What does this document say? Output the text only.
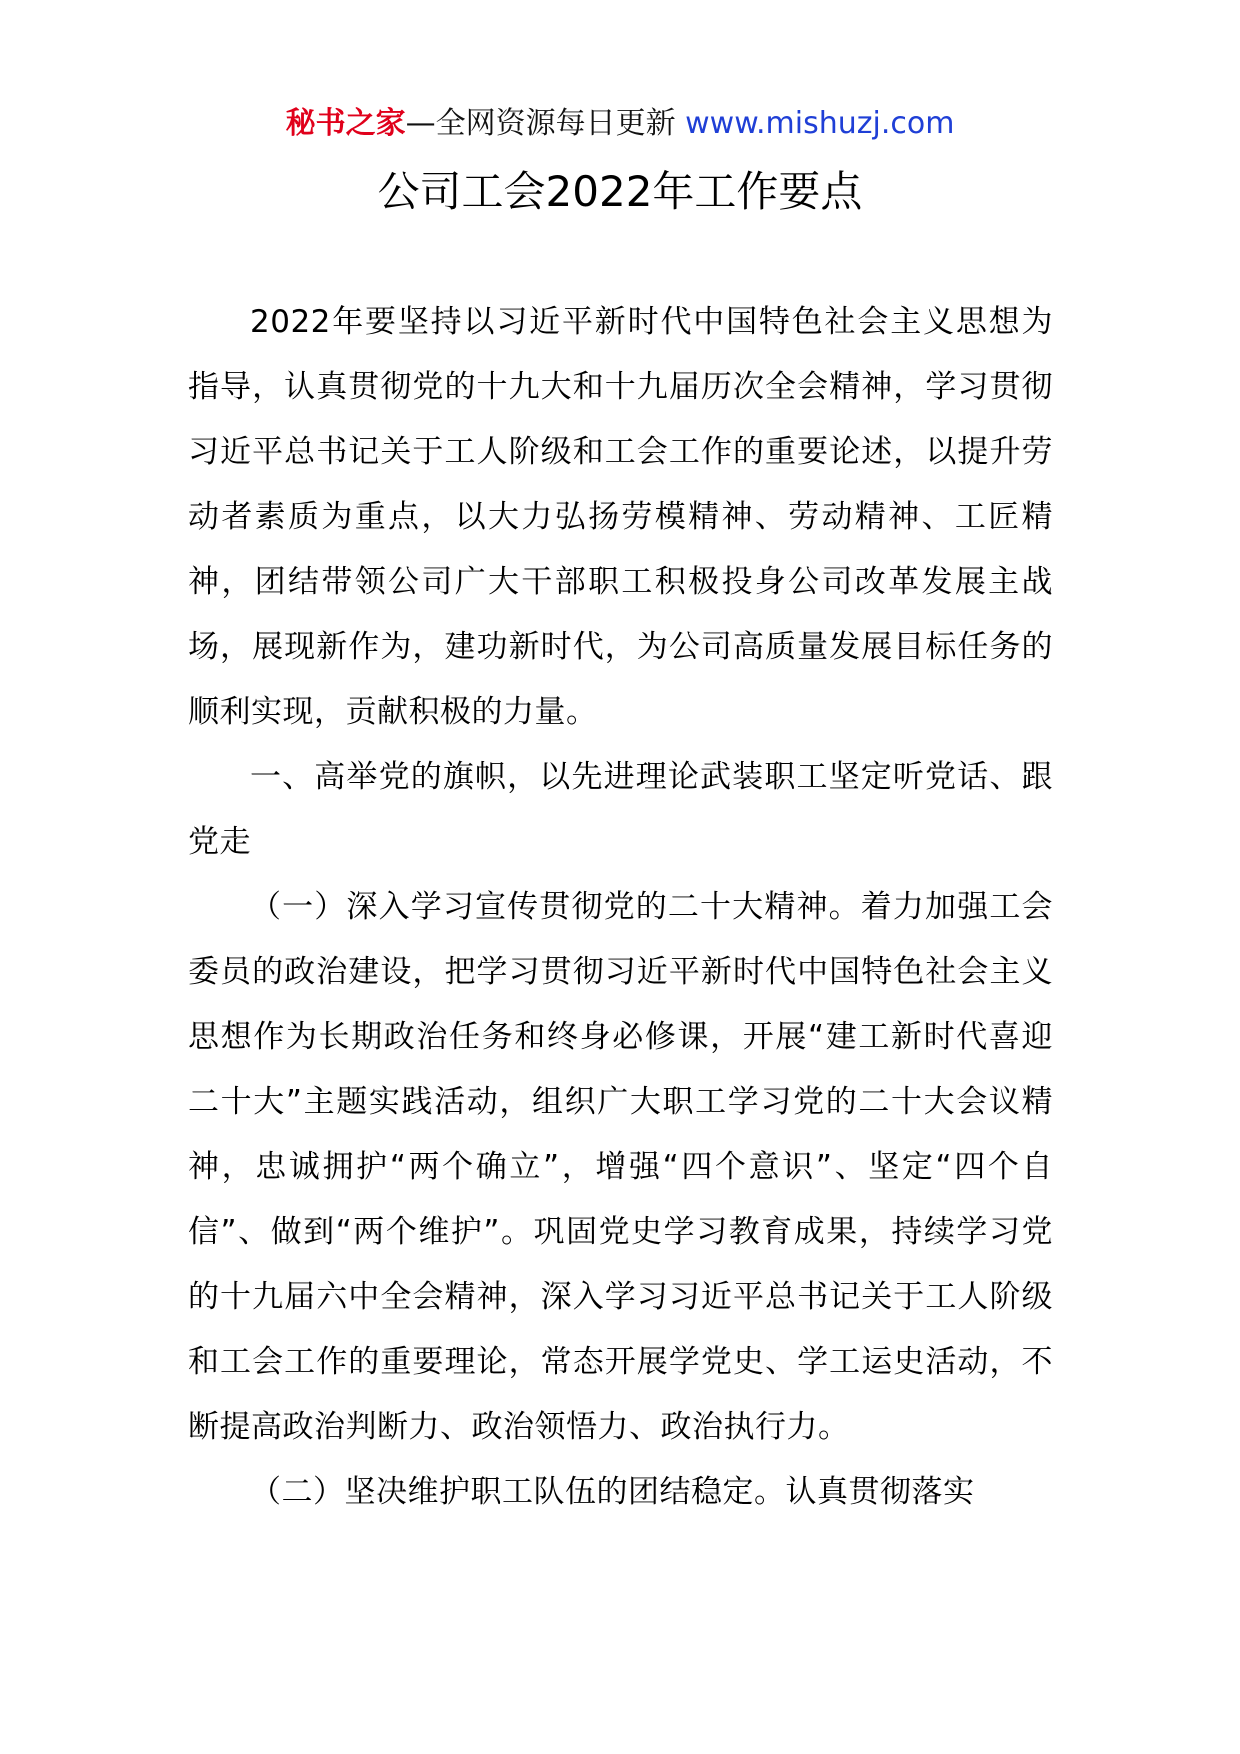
秘书之家—全网资源每日更新 www.mishuzj.com
公司工会2022年工作要点

2022年要坚持以习近平新时代中国特色社会主义思想为指导，认真贯彻党的十九大和十九届历次全会精神，学习贯彻习近平总书记关于工人阶级和工会工作的重要论述，以提升劳动者素质为重点，以大力弘扬劳模精神、劳动精神、工匠精神，团结带领公司广大干部职工积极投身公司改革发展主战场，展现新作为，建功新时代，为公司高质量发展目标任务的顺利实现，贡献积极的力量。

一、高举党的旗帜，以先进理论武装职工坚定听党话、跟党走

（一）深入学习宣传贯彻党的二十大精神。着力加强工会委员的政治建设，把学习贯彻习近平新时代中国特色社会主义思想作为长期政治任务和终身必修课，开展“建工新时代喜迎二十大”主题实践活动，组织广大职工学习党的二十大会议精神，忠诚拥护“两个确立”，增强“四个意识”、坚定“四个自信”、做到“两个维护”。巩固党史学习教育成果，持续学习党的十九届六中全会精神，深入学习习近平总书记关于工人阶级和工会工作的重要理论，常态开展学党史、学工运史活动，不断提高政治判断力、政治领悟力、政治执行力。

（二）坚决维护职工队伍的团结稳定。认真贯彻落实
